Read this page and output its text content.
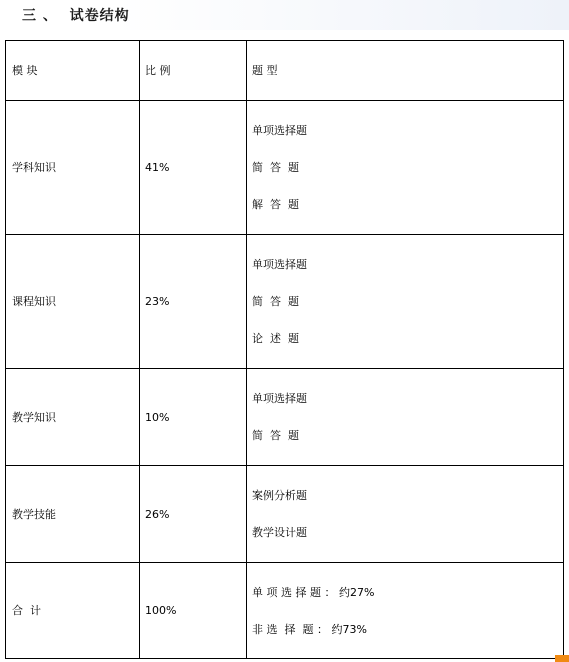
三 、  试卷结构
模 块	比 例	题 型
学科知识	41%	单项选择题
简  答  题
解  答  题

课程知识	23%	单项选择题
简  答  题
论  述  题

教学知识	10%	单项选择题
简  答  题

教学技能	26%	案例分析题
教学设计题

合  计	100%	单 项 选 择 题 ： 约27%
非 选  择  题 ： 约73%
